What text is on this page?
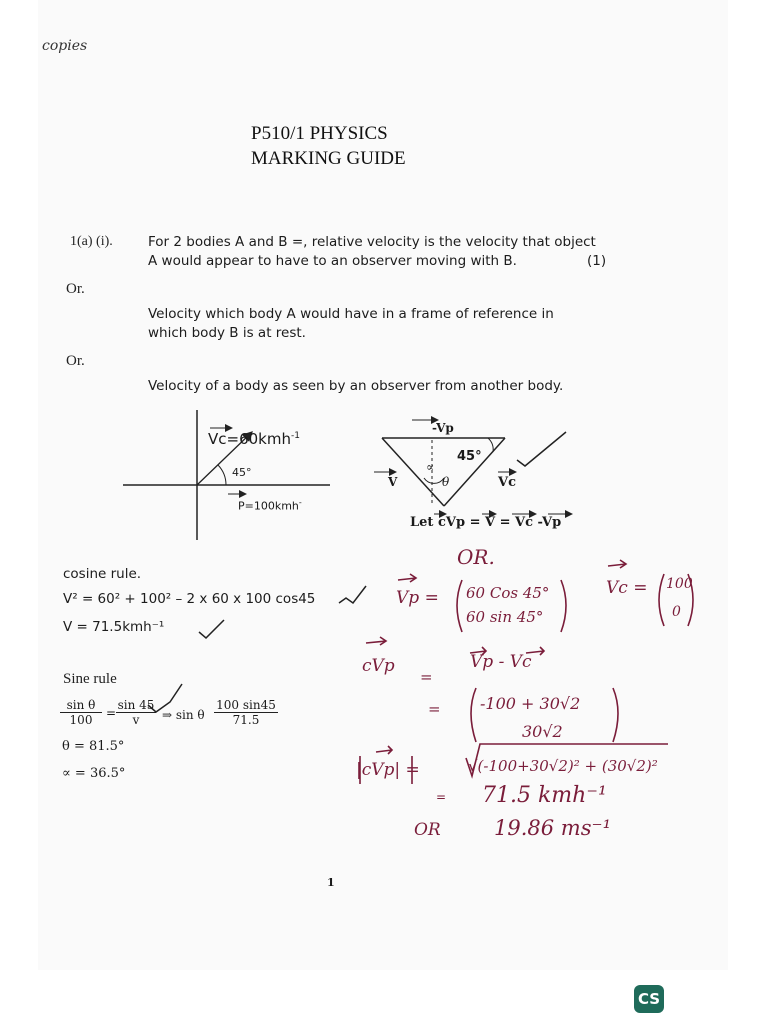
copies
P510/1 PHYSICS
MARKING GUIDE
1(a) (i).	For 2 bodies A and B =, relative velocity is the velocity that object
A would appear to have to an observer moving with B.	(1)
Or.
Velocity which body A would have in a frame of reference in
which body B is at rest.
Or.
Velocity of a body as seen by an observer from another body.
Vc=60kmh$^{-1}$
45°
P=100kmh-
-Vp
45°
∝
θ
V	Vc
Let cVp = V = Vc -Vp
cosine rule.
V² = 60² + 100² – 2 x 60 x 100 cos45
V = 71.5kmh⁻¹
Sine rule
sin θ
100	=
sin 45
v	⇒ sin θ
100 sin45
71.5
θ = 81.5°
∝ = 36.5°
OR.
Vp = 60 Cos 45°
60 sin 45°
Vc = 100
0
cVp
=
Vp - Vc
= -100 + 30√2
30√2
|cVp| =	√(-100+30√2)² + (30√2)²
= 71.5 kmh⁻¹
OR	19.86 ms⁻¹
1
CS
